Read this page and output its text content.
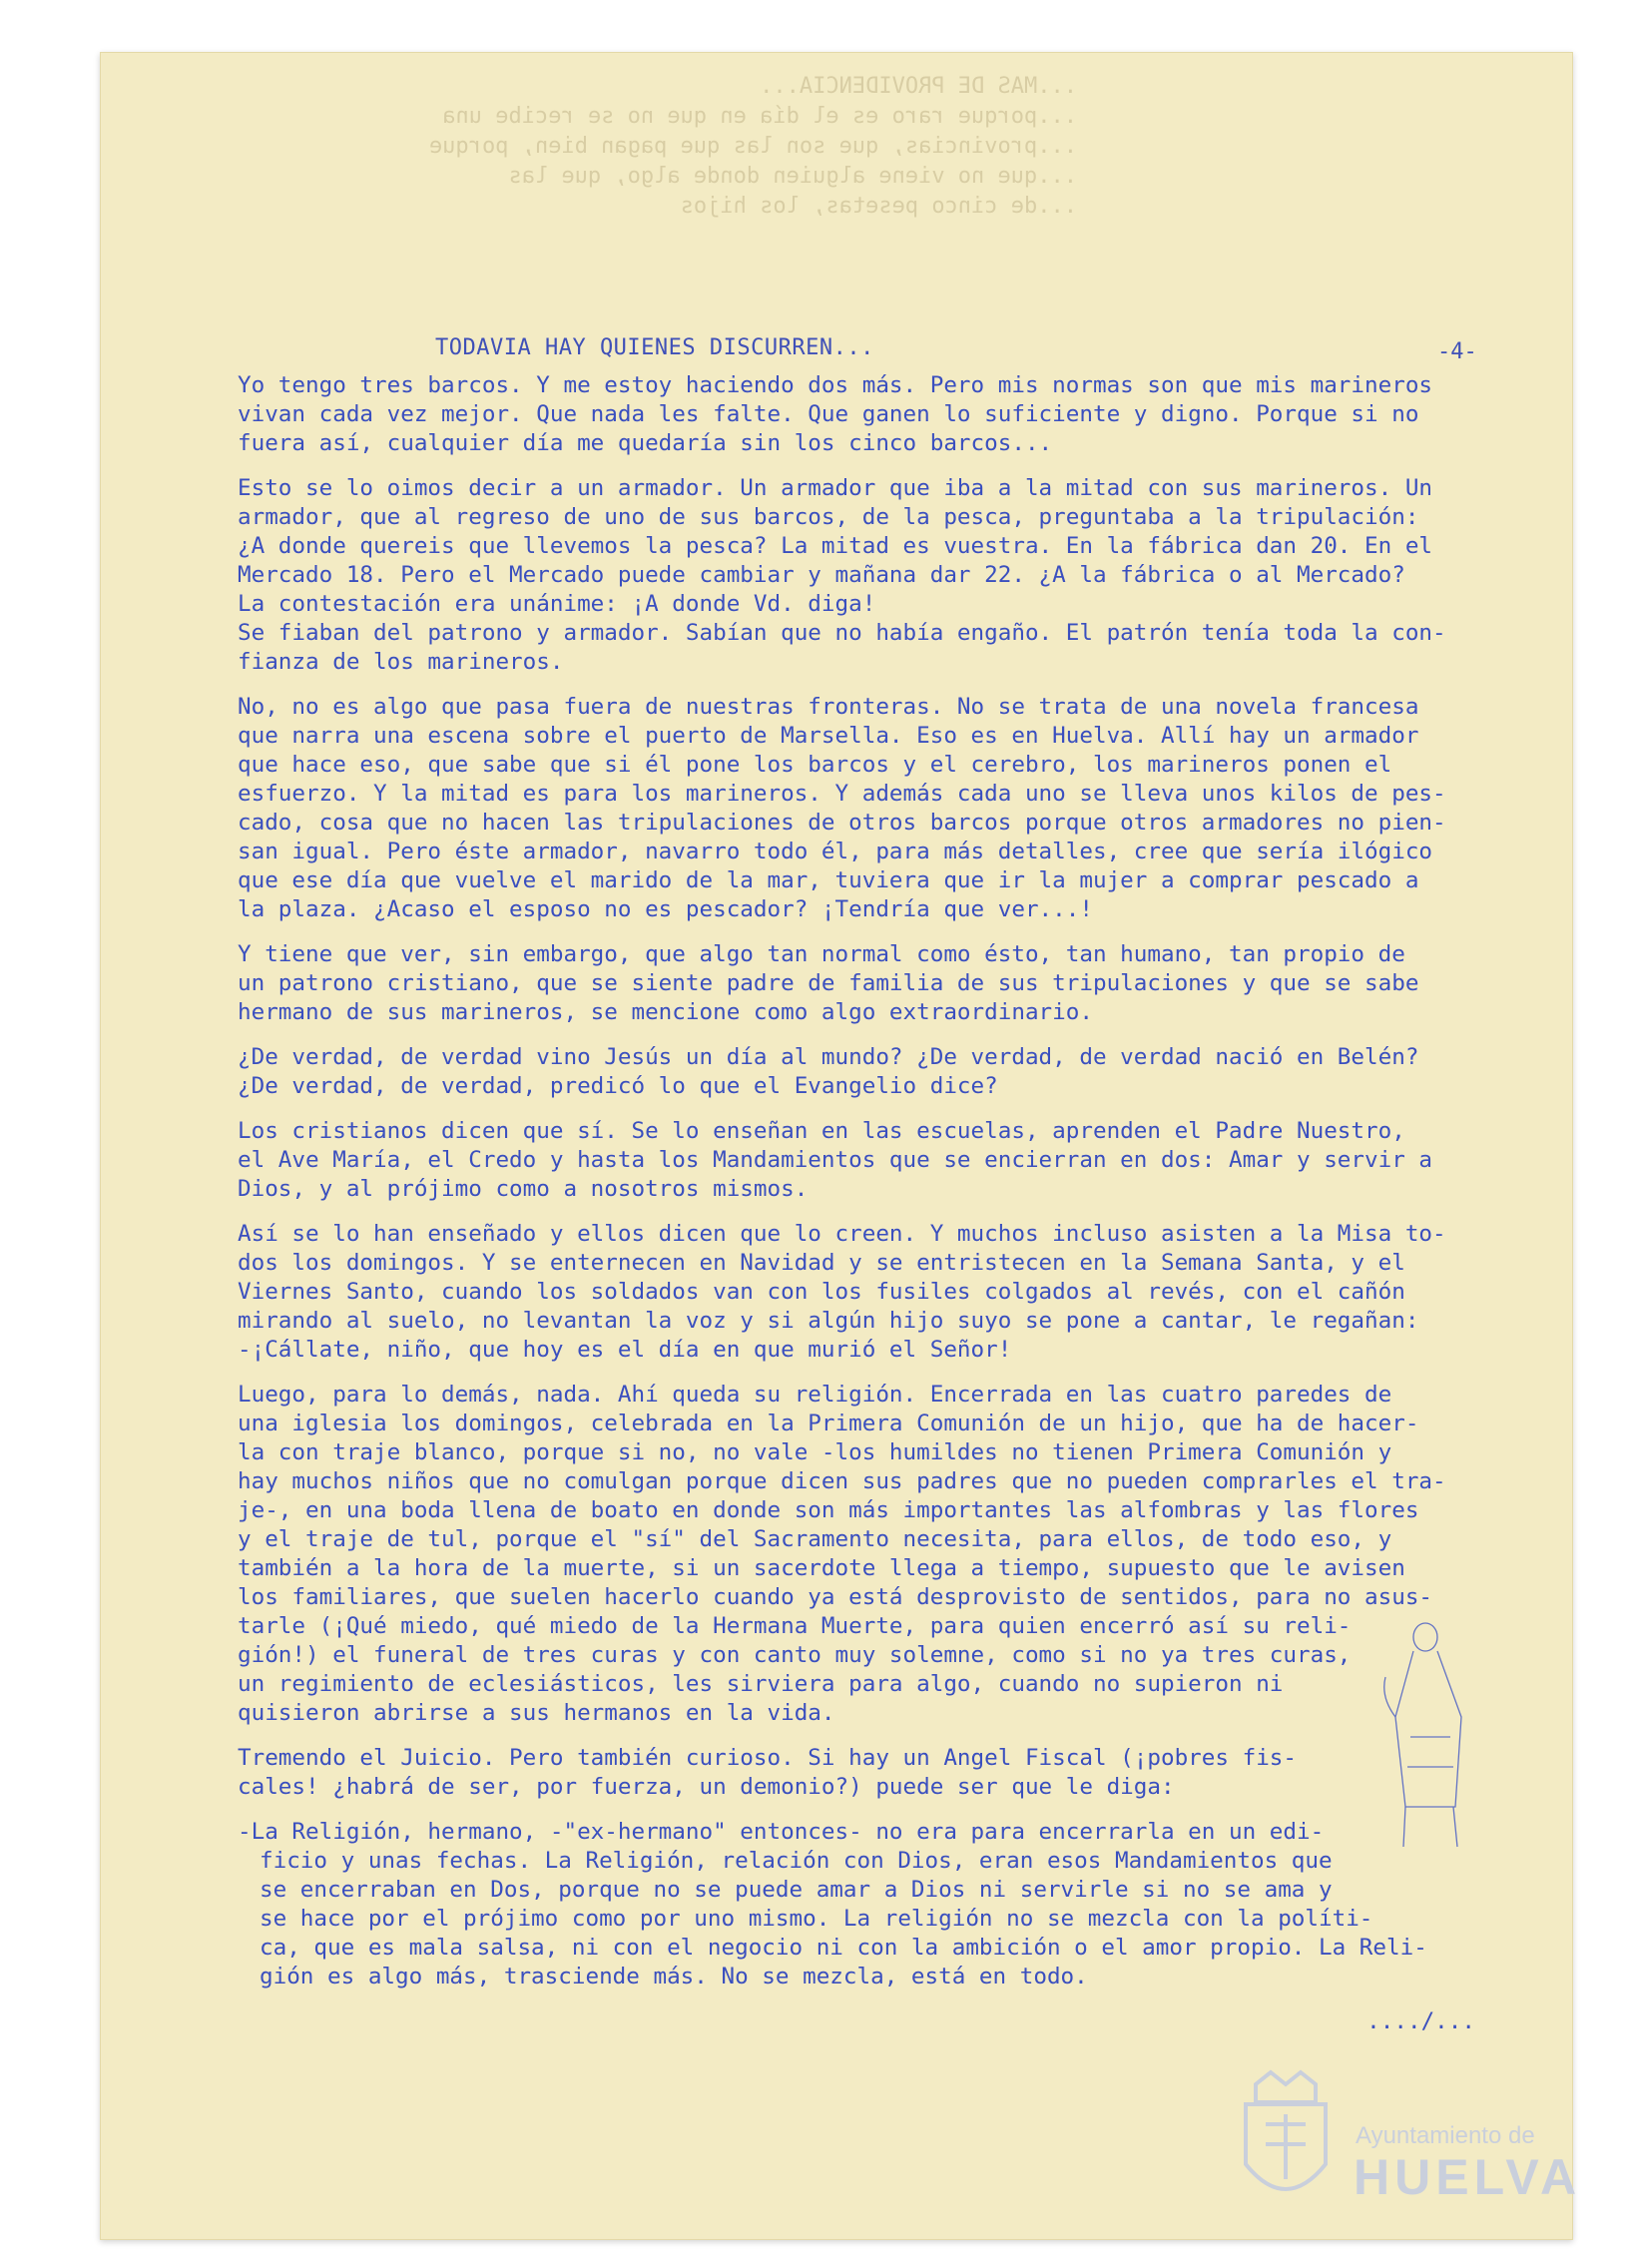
...MAS DE PROVIDENCIA...
...porque raro es el día en que no se recibe una
...provincias, que son las que pagan bien, porque
...que no viene alguien donde algo, que las
...de cinco pesetas, los hijos
-4-
TODAVIA HAY QUIENES DISCURREN...
Yo tengo tres barcos. Y me estoy haciendo dos más. Pero mis normas son que mis marineros
vivan cada vez mejor. Que nada les falte. Que ganen lo suficiente y digno. Porque si no
fuera así, cualquier día me quedaría sin los cinco barcos...
Esto se lo oimos decir a un armador. Un armador que iba a la mitad con sus marineros. Un
armador, que al regreso de uno de sus barcos, de la pesca, preguntaba a la tripulación:
¿A donde quereis que llevemos la pesca? La mitad es vuestra. En la fábrica dan 20. En el
Mercado 18. Pero el Mercado puede cambiar y mañana dar 22. ¿A la fábrica o al Mercado?
La contestación era unánime: ¡A donde Vd. diga!
Se fiaban del patrono y armador. Sabían que no había engaño. El patrón tenía toda la con-
fianza de los marineros.
No, no es algo que pasa fuera de nuestras fronteras. No se trata de una novela francesa
que narra una escena sobre el puerto de Marsella. Eso es en Huelva. Allí hay un armador
que hace eso, que sabe que si él pone los barcos y el cerebro, los marineros ponen el
esfuerzo. Y la mitad es para los marineros. Y además cada uno se lleva unos kilos de pes-
cado, cosa que no hacen las tripulaciones de otros barcos porque otros armadores no pien-
san igual. Pero éste armador, navarro todo él, para más detalles, cree que sería ilógico
que ese día que vuelve el marido de la mar, tuviera que ir la mujer a comprar pescado a
la plaza. ¿Acaso el esposo no es pescador? ¡Tendría que ver...!
Y tiene que ver, sin embargo, que algo tan normal como ésto, tan humano, tan propio de
un patrono cristiano, que se siente padre de familia de sus tripulaciones y que se sabe
hermano de sus marineros, se mencione como algo extraordinario.
¿De verdad, de verdad vino Jesús un día al mundo? ¿De verdad, de verdad nació en Belén?
¿De verdad, de verdad, predicó lo que el Evangelio dice?
Los cristianos dicen que sí. Se lo enseñan en las escuelas, aprenden el Padre Nuestro,
el Ave María, el Credo y hasta los Mandamientos que se encierran en dos: Amar y servir a
Dios, y al prójimo como a nosotros mismos.
Así se lo han enseñado y ellos dicen que lo creen. Y muchos incluso asisten a la Misa to-
dos los domingos. Y se enternecen en Navidad y se entristecen en la Semana Santa, y el
Viernes Santo, cuando los soldados van con los fusiles colgados al revés, con el cañón
mirando al suelo, no levantan la voz y si algún hijo suyo se pone a cantar, le regañan:
-¡Cállate, niño, que hoy es el día en que murió el Señor!
Luego, para lo demás, nada. Ahí queda su religión. Encerrada en las cuatro paredes de
una iglesia los domingos, celebrada en la Primera Comunión de un hijo, que ha de hacer-
la con traje blanco, porque si no, no vale -los humildes no tienen Primera Comunión y
hay muchos niños que no comulgan porque dicen sus padres que no pueden comprarles el tra-
je-, en una boda llena de boato en donde son más importantes las alfombras y las flores
y el traje de tul, porque el "sí" del Sacramento necesita, para ellos, de todo eso, y
también a la hora de la muerte, si un sacerdote llega a tiempo, supuesto que le avisen
los familiares, que suelen hacerlo cuando ya está desprovisto de sentidos, para no asus-
tarle (¡Qué miedo, qué miedo de la Hermana Muerte, para quien encerró así su reli-
gión!) el funeral de tres curas y con canto muy solemne, como si no ya tres curas,
un regimiento de eclesiásticos, les sirviera para algo, cuando no supieron ni
quisieron abrirse a sus hermanos en la vida.
Tremendo el Juicio. Pero también curioso. Si hay un Angel Fiscal (¡pobres fis-
cales! ¿habrá de ser, por fuerza, un demonio?) puede ser que le diga:
-La Religión, hermano, -"ex-hermano" entonces- no era para encerrarla en un edi-
ficio y unas fechas. La Religión, relación con Dios, eran esos Mandamientos que
se encerraban en Dos, porque no se puede amar a Dios ni servirle si no se ama y
se hace por el prójimo como por uno mismo. La religión no se mezcla con la políti-
ca, que es mala salsa, ni con el negocio ni con la ambición o el amor propio. La Reli-
gión es algo más, trasciende más. No se mezcla, está en todo.
..../...
Ayuntamiento de
HUELVA
